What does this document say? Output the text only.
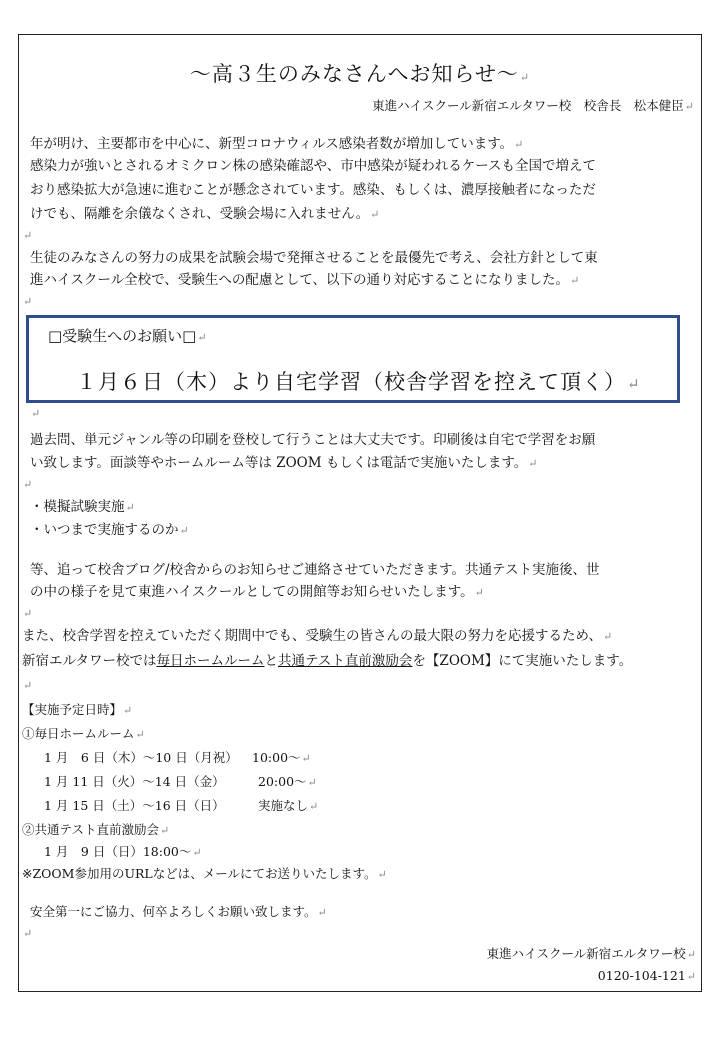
〜高３生のみなさんへお知らせ〜↵
東進ハイスクール新宿エルタワー校　校舎長　松本健臣↵
年が明け、主要都市を中心に、新型コロナウィルス感染者数が増加しています。↵
感染力が強いとされるオミクロン株の感染確認や、市中感染が疑われるケースも全国で増えて
おり感染拡大が急速に進むことが懸念されています。感染、もしくは、濃厚接触者になっただ
けでも、隔離を余儀なくされ、受験会場に入れません。↵
↵
生徒のみなさんの努力の成果を試験会場で発揮させることを最優先で考え、会社方針として東
進ハイスクール全校で、受験生への配慮として、以下の通り対応することになりました。↵
↵
□受験生へのお願い□↵
１月６日（木）より自宅学習（校舎学習を控えて頂く）↵
↵
過去問、単元ジャンル等の印刷を登校して行うことは大丈夫です。印刷後は自宅で学習をお願
い致します。面談等やホームルーム等は ZOOM もしくは電話で実施いたします。↵
↵
・模擬試験実施↵
・いつまで実施するのか↵
等、追って校舎ブログ/校舎からのお知らせご連絡させていただきます。共通テスト実施後、世
の中の様子を見て東進ハイスクールとしての開館等お知らせいたします。↵
↵
また、校舎学習を控えていただく期間中でも、受験生の皆さんの最大限の努力を応援するため、↵
新宿エルタワー校では毎日ホームルームと共通テスト直前激励会を【ZOOM】にて実施いたします。
↵
【実施予定日時】↵
①毎日ホームルーム↵
1 月　6 日（木）〜10 日（月祝） 10:00〜↵
1 月 11 日（火）〜14 日（金）	20:00〜↵
1 月 15 日（土）〜16 日（日）	実施なし↵
②共通テスト直前激励会↵
1 月　9 日（日）18:00〜↵
※ZOOM参加用のURLなどは、メールにてお送りいたします。↵
安全第一にご協力、何卒よろしくお願い致します。↵
↵
東進ハイスクール新宿エルタワー校↵
0120-104-121↵
